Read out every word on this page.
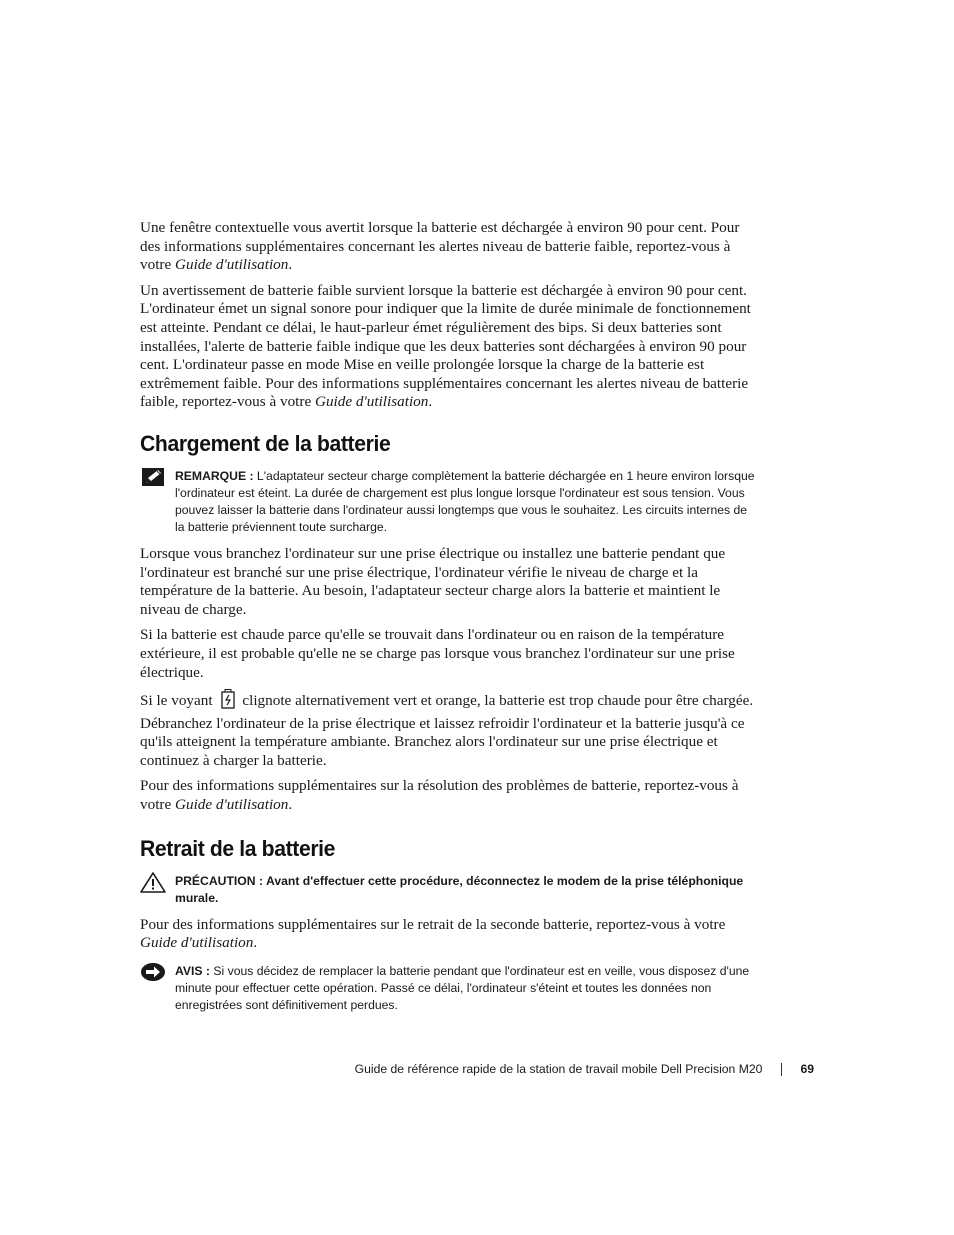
Une fenêtre contextuelle vous avertit lorsque la batterie est déchargée à environ 90 pour cent. Pour des informations supplémentaires concernant les alertes niveau de batterie faible, reportez-vous à votre Guide d'utilisation.

Un avertissement de batterie faible survient lorsque la batterie est déchargée à environ 90 pour cent. L'ordinateur émet un signal sonore pour indiquer que la limite de durée minimale de fonctionnement est atteinte. Pendant ce délai, le haut-parleur émet régulièrement des bips. Si deux batteries sont installées, l'alerte de batterie faible indique que les deux batteries sont déchargées à environ 90 pour cent. L'ordinateur passe en mode Mise en veille prolongée lorsque la charge de la batterie est extrêmement faible. Pour des informations supplémentaires concernant les alertes niveau de batterie faible, reportez-vous à votre Guide d'utilisation.

Chargement de la batterie
REMARQUE : L'adaptateur secteur charge complètement la batterie déchargée en 1 heure environ lorsque l'ordinateur est éteint. La durée de chargement est plus longue lorsque l'ordinateur est sous tension. Vous pouvez laisser la batterie dans l'ordinateur aussi longtemps que vous le souhaitez. Les circuits internes de la batterie préviennent toute surcharge.

Lorsque vous branchez l'ordinateur sur une prise électrique ou installez une batterie pendant que l'ordinateur est branché sur une prise électrique, l'ordinateur vérifie le niveau de charge et la température de la batterie. Au besoin, l'adaptateur secteur charge alors la batterie et maintient le niveau de charge.

Si la batterie est chaude parce qu'elle se trouvait dans l'ordinateur ou en raison de la température extérieure, il est probable qu'elle ne se charge pas lorsque vous branchez l'ordinateur sur une prise électrique.

Si le voyant clignote alternativement vert et orange, la batterie est trop chaude pour être chargée. Débranchez l'ordinateur de la prise électrique et laissez refroidir l'ordinateur et la batterie jusqu'à ce qu'ils atteignent la température ambiante. Branchez alors l'ordinateur sur une prise électrique et continuez à charger la batterie.

Pour des informations supplémentaires sur la résolution des problèmes de batterie, reportez-vous à votre Guide d'utilisation.

Retrait de la batterie
PRÉCAUTION : Avant d'effectuer cette procédure, déconnectez le modem de la prise téléphonique murale.

Pour des informations supplémentaires sur le retrait de la seconde batterie, reportez-vous à votre Guide d'utilisation.

AVIS : Si vous décidez de remplacer la batterie pendant que l'ordinateur est en veille, vous disposez d'une minute pour effectuer cette opération. Passé ce délai, l'ordinateur s'éteint et toutes les données non enregistrées sont définitivement perdues.
Guide de référence rapide de la station de travail mobile Dell Precision M20	69
